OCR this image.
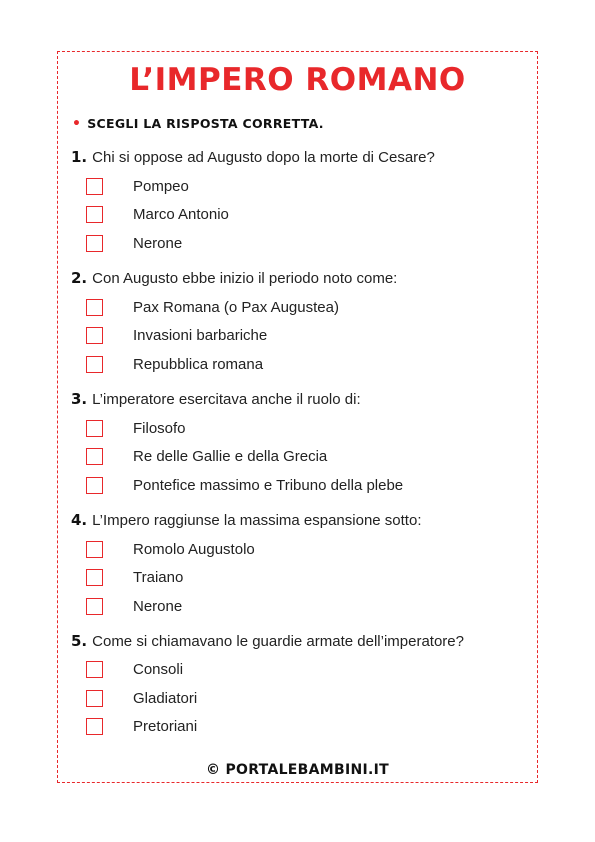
L’IMPERO ROMANO
• SCEGLI LA RISPOSTA CORRETTA.
1. Chi si oppose ad Augusto dopo la morte di Cesare?
Pompeo
Marco Antonio
Nerone
2. Con Augusto ebbe inizio il periodo noto come:
Pax Romana (o Pax Augustea)
Invasioni barbariche
Repubblica romana
3. L’imperatore esercitava anche il ruolo di:
Filosofo
Re delle Gallie e della Grecia
Pontefice massimo e Tribuno della plebe
4. L’Impero raggiunse la massima espansione sotto:
Romolo Augustolo
Traiano
Nerone
5. Come si chiamavano le guardie armate dell’imperatore?
Consoli
Gladiatori
Pretoriani
© PORTALEBAMBINI.IT
